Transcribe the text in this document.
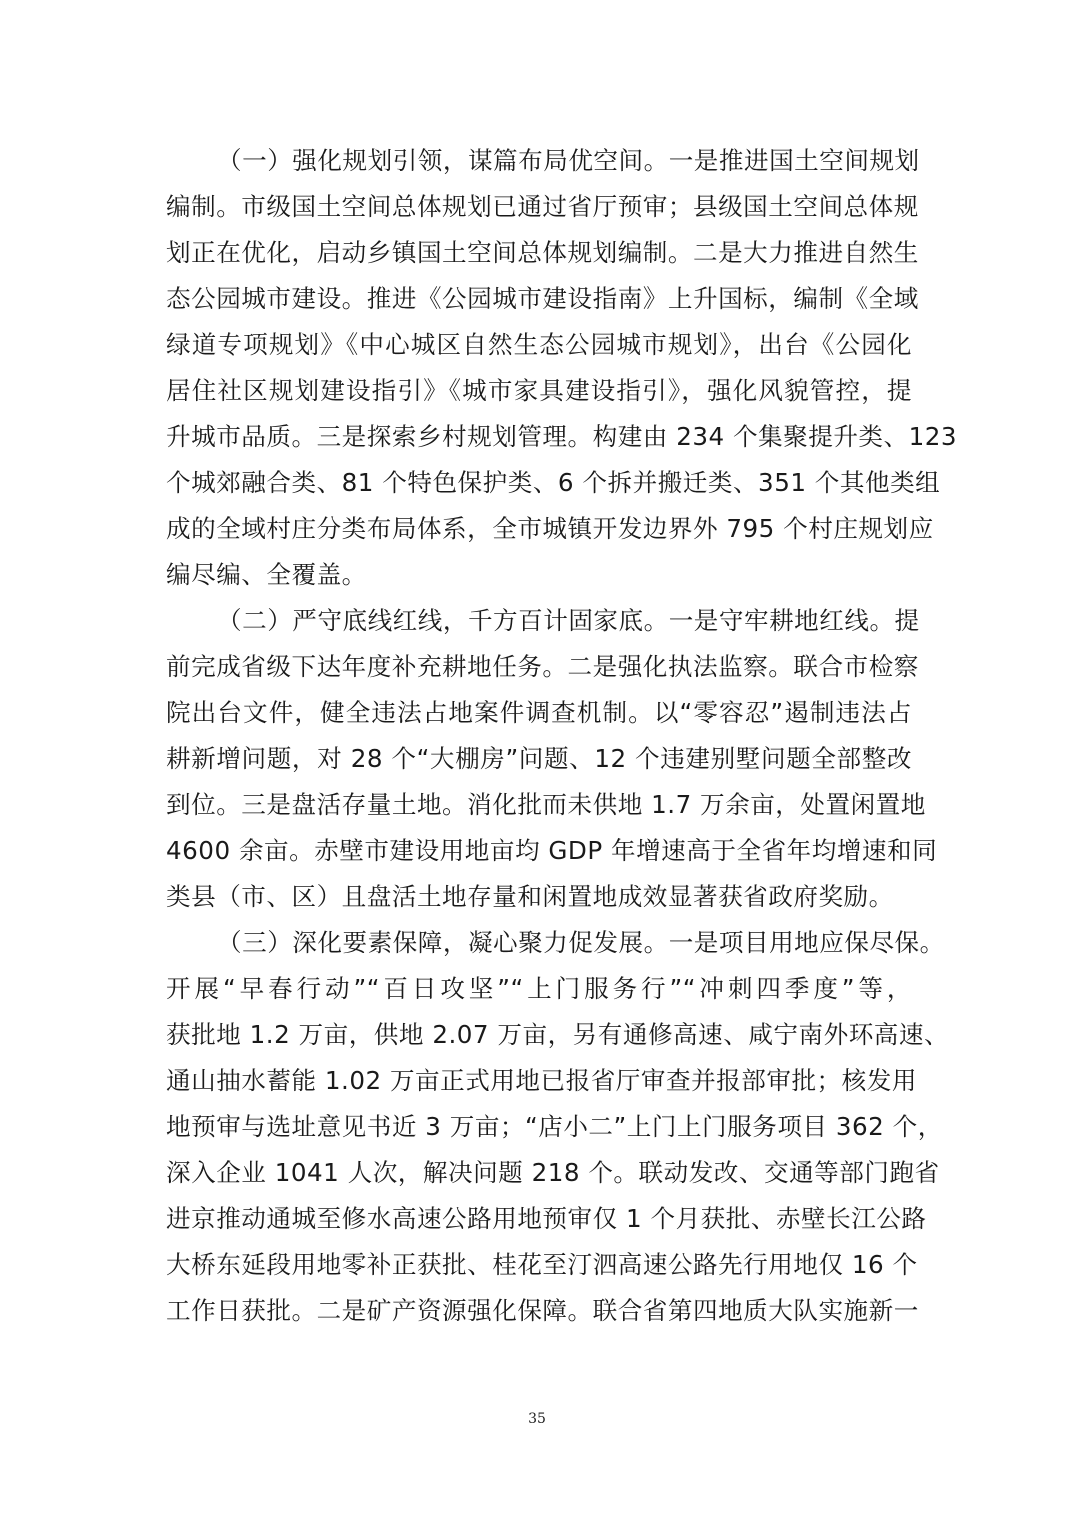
（一）强化规划引领，谋篇布局优空间。一是推进国土空间规划
编制。市级国土空间总体规划已通过省厅预审；县级国土空间总体规
划正在优化，启动乡镇国土空间总体规划编制。二是大力推进自然生
态公园城市建设。推进《公园城市建设指南》上升国标，编制《全域
绿道专项规划》《中心城区自然生态公园城市规划》，出台《公园化
居住社区规划建设指引》《城市家具建设指引》，强化风貌管控，提
升城市品质。三是探索乡村规划管理。构建由 234 个集聚提升类、123
个城郊融合类、81 个特色保护类、6 个拆并搬迁类、351 个其他类组
成的全域村庄分类布局体系，全市城镇开发边界外 795 个村庄规划应
编尽编、全覆盖。
（二）严守底线红线，千方百计固家底。一是守牢耕地红线。提
前完成省级下达年度补充耕地任务。二是强化执法监察。联合市检察
院出台文件，健全违法占地案件调查机制。以“零容忍”遏制违法占
耕新增问题，对 28 个“大棚房”问题、12 个违建别墅问题全部整改
到位。三是盘活存量土地。消化批而未供地 1.7 万余亩，处置闲置地
4600 余亩。赤壁市建设用地亩均 GDP 年增速高于全省年均增速和同
类县（市、区）且盘活土地存量和闲置地成效显著获省政府奖励。
（三）深化要素保障，凝心聚力促发展。一是项目用地应保尽保。
开展“早春行动”“百日攻坚”“上门服务行”“冲刺四季度”等，
获批地 1.2 万亩，供地 2.07 万亩，另有通修高速、咸宁南外环高速、
通山抽水蓄能 1.02 万亩正式用地已报省厅审查并报部审批；核发用
地预审与选址意见书近 3 万亩；“店小二”上门上门服务项目 362 个，
深入企业 1041 人次，解决问题 218 个。联动发改、交通等部门跑省
进京推动通城至修水高速公路用地预审仅 1 个月获批、赤壁长江公路
大桥东延段用地零补正获批、桂花至汀泗高速公路先行用地仅 16 个
工作日获批。二是矿产资源强化保障。联合省第四地质大队实施新一
35
